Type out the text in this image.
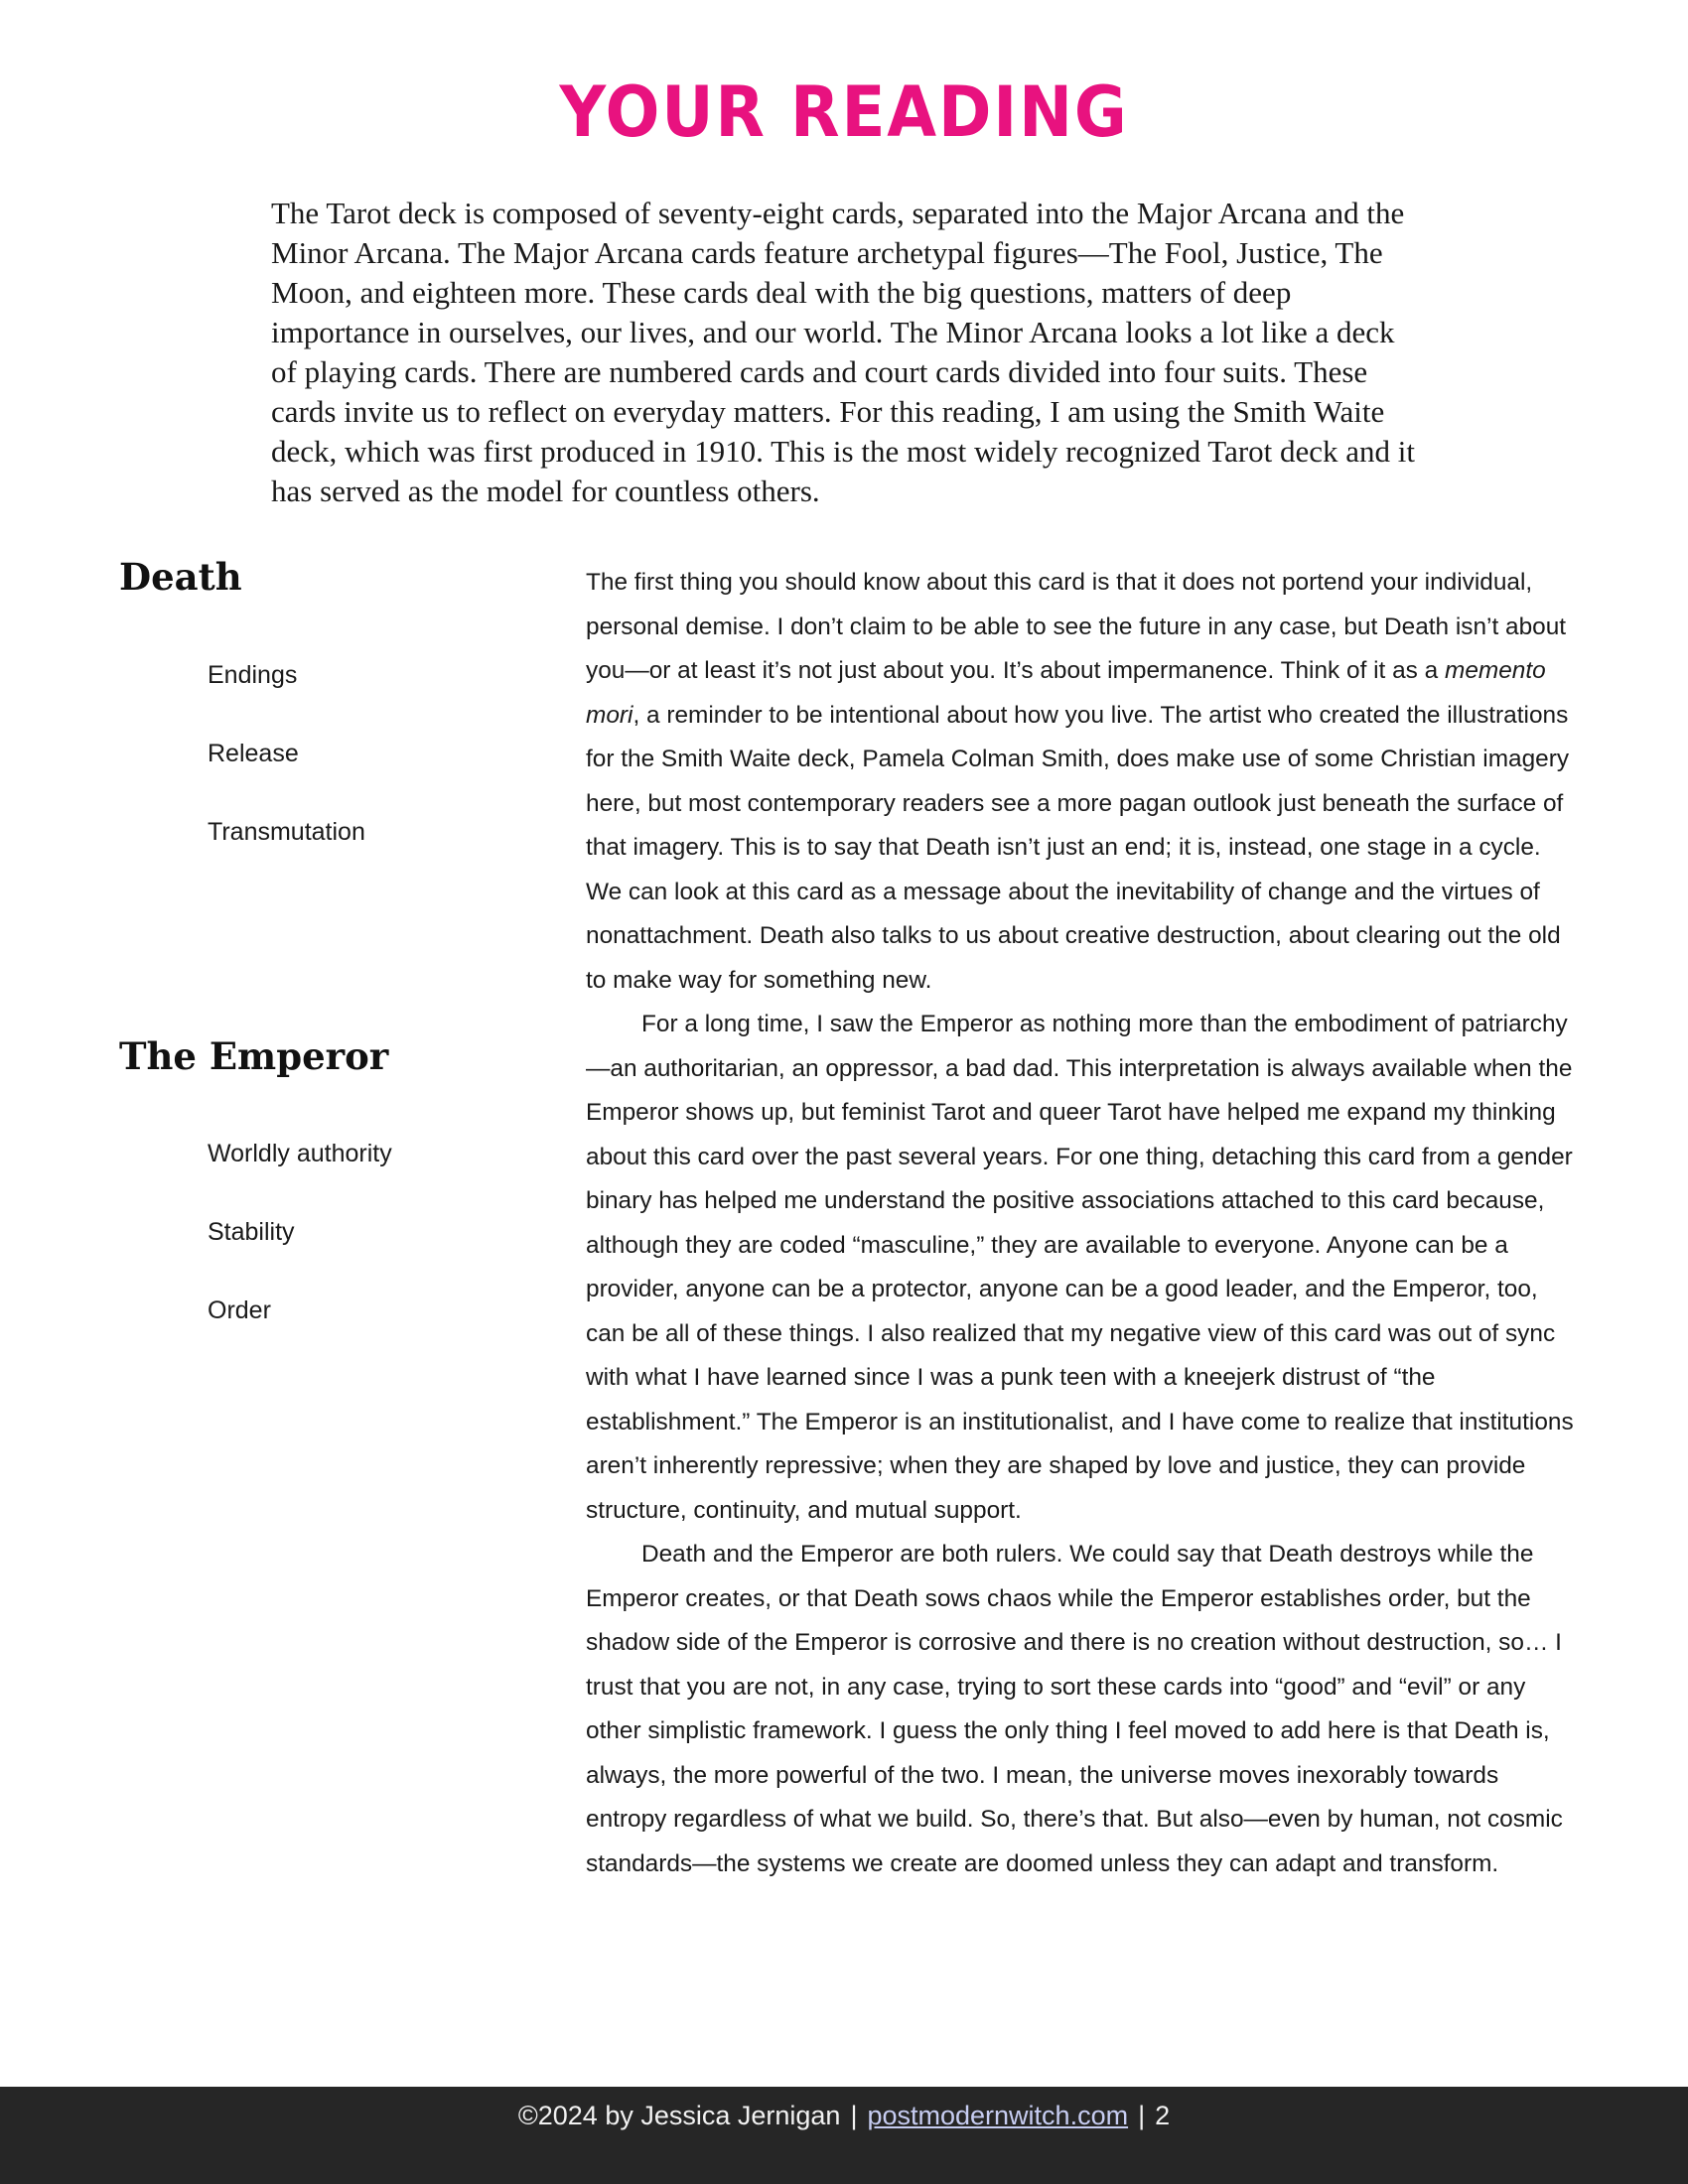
YOUR READING

The Tarot deck is composed of seventy-eight cards, separated into the Major Arcana and the Minor Arcana. The Major Arcana cards feature archetypal figures—The Fool, Justice, The Moon, and eighteen more. These cards deal with the big questions, matters of deep importance in ourselves, our lives, and our world. The Minor Arcana looks a lot like a deck of playing cards. There are numbered cards and court cards divided into four suits. These cards invite us to reflect on everyday matters. For this reading, I am using the Smith Waite deck, which was first produced in 1910. This is the most widely recognized Tarot deck and it has served as the model for countless others.

Death
Endings
Release
Transmutation
The Emperor
Worldly authority
Stability
Order

The first thing you should know about this card is that it does not portend your individual, personal demise. I don’t claim to be able to see the future in any case, but Death isn’t about you—or at least it’s not just about you. It’s about impermanence. Think of it as a memento mori, a reminder to be intentional about how you live. The artist who created the illustrations for the Smith Waite deck, Pamela Colman Smith, does make use of some Christian imagery here, but most contemporary readers see a more pagan outlook just beneath the surface of that imagery. This is to say that Death isn’t just an end; it is, instead, one stage in a cycle. We can look at this card as a message about the inevitability of change and the virtues of nonattachment. Death also talks to us about creative destruction, about clearing out the old to make way for something new.

For a long time, I saw the Emperor as nothing more than the embodiment of patriarchy—an authoritarian, an oppressor, a bad dad. This interpretation is always available when the Emperor shows up, but feminist Tarot and queer Tarot have helped me expand my thinking about this card over the past several years. For one thing, detaching this card from a gender binary has helped me understand the positive associations attached to this card because, although they are coded “masculine,” they are available to everyone. Anyone can be a provider, anyone can be a protector, anyone can be a good leader, and the Emperor, too, can be all of these things. I also realized that my negative view of this card was out of sync with what I have learned since I was a punk teen with a kneejerk distrust of “the establishment.” The Emperor is an institutionalist, and I have come to realize that institutions aren’t inherently repressive; when they are shaped by love and justice, they can provide structure, continuity, and mutual support.

Death and the Emperor are both rulers. We could say that Death destroys while the Emperor creates, or that Death sows chaos while the Emperor establishes order, but the shadow side of the Emperor is corrosive and there is no creation without destruction, so… I trust that you are not, in any case, trying to sort these cards into “good” and “evil” or any other simplistic framework. I guess the only thing I feel moved to add here is that Death is, always, the more powerful of the two. I mean, the universe moves inexorably towards entropy regardless of what we build. So, there’s that. But also—even by human, not cosmic standards—the systems we create are doomed unless they can adapt and transform.

©2024 by Jessica Jernigan | postmodernwitch.com | 2
